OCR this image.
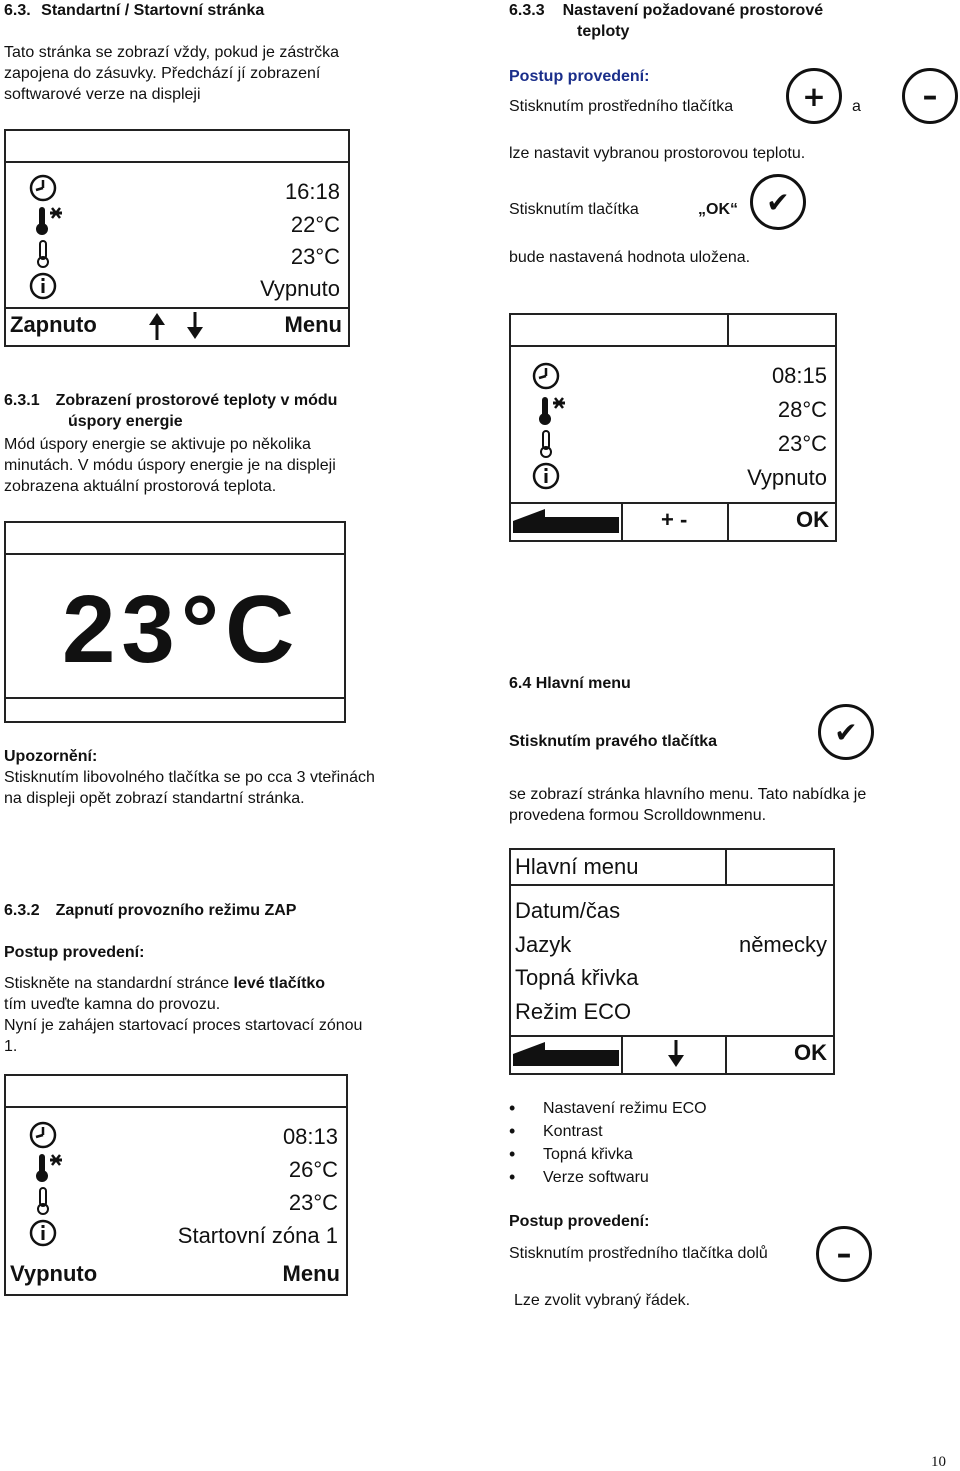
6.3. Standartní / Startovní stránka
Tato stránka se zobrazí vždy, pokud je zástrčka
zapojena do zásuvky. Předchází jí zobrazení
softwarové verze na displeji
16:18
22°C
23°C
Vypnuto
Zapnuto	Menu
6.3.1 Zobrazení prostorové teploty v módu
úspory energie
Mód úspory energie se aktivuje po několika
minutách. V módu úspory energie je na displeji
zobrazena aktuální prostorová teplota.
23°C
Upozornění:
Stisknutím libovolného tlačítka se po cca 3 vteřinách
na displeji opět zobrazí standartní stránka.
6.3.2 Zapnutí provozního režimu ZAP
Postup provedení:
Stiskněte na standardní stránce levé tlačítko
tím uveďte kamna do provozu.
Nyní je zahájen startovací proces startovací zónou
1.
08:13
26°C
23°C
Startovní zóna 1
Vypnuto	Menu
6.3.3 Nastavení požadované prostorové
teploty
Postup provedení:
Stisknutím prostředního tlačítka + a –
lze nastavit vybranou prostorovou teplotu.
Stisknutím tlačítka	„OK“ ✔
bude nastavená hodnota uložena.
08:15
28°C
23°C
Vypnuto
+ -	OK
6.4 Hlavní menu
Stisknutím pravého tlačítka	✔
se zobrazí stránka hlavního menu. Tato nabídka je
provedena formou Scrolldownmenu.
Hlavní menu
Datum/čas
Jazyk	německy
Topná křivka
Režim ECO
OK
• Nastavení režimu ECO
• Kontrast
• Topná křivka
• Verze softwaru
Postup provedení:
Stisknutím prostředního tlačítka dolů –
Lze zvolit vybraný řádek.
10
